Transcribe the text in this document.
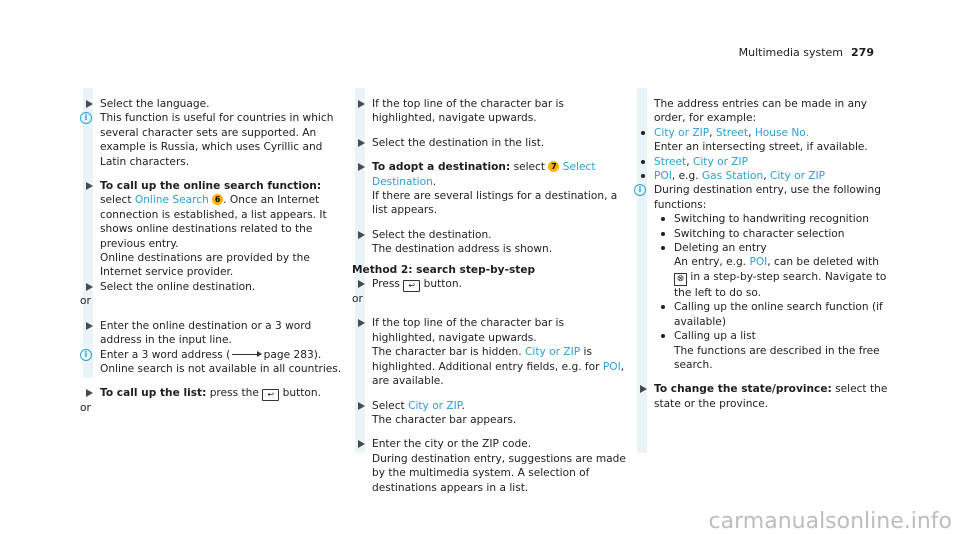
Multimedia system 279

Select the language.

i	This function is useful for countries in which several character sets are supported. An example is Russia, which uses Cyrillic and Latin characters.

To call up the online search function:
select Online Search 6 . Once an Internet connection is established, a list appears. It shows online destinations related to the previous entry.

Online destinations are provided by the Internet service provider.

Select the online destination.

or

Enter the online destination or a 3 word address in the input line.

i	Enter a 3 word address (	page 283).
Online search is not available in all countries.

To call up the list: press the ↩ button.

or

If the top line of the character bar is highlighted, navigate upwards.

Select the destination in the list.

To adopt a destination: select 7 Select Destination.
If there are several listings for a destination, a list appears.

Select the destination.
The destination address is shown.

Method 2: search step-by-step

Press ↩ button.

or

If the top line of the character bar is highlighted, navigate upwards.
The character bar is hidden. City or ZIP is highlighted. Additional entry fields, e.g. for POI, are available.

Select City or ZIP.
The character bar appears.

Enter the city or the ZIP code.
During destination entry, suggestions are made by the multimedia system. A selection of destinations appears in a list.

The address entries can be made in any order, for example:

City or ZIP, Street, House No.
Enter an intersecting street, if available.

Street, City or ZIP

POI, e.g. Gas Station, City or ZIP

i	During destination entry, use the following functions:

Switching to handwriting recognition

Switching to character selection

Deleting an entry

An entry, e.g. POI, can be deleted with
⊗ in a step-by-step search. Navigate to the left to do so.

Calling up the online search function (if available)

Calling up a list

The functions are described in the free search.

To change the state/province: select the state or the province.

carmanualsonline.info
